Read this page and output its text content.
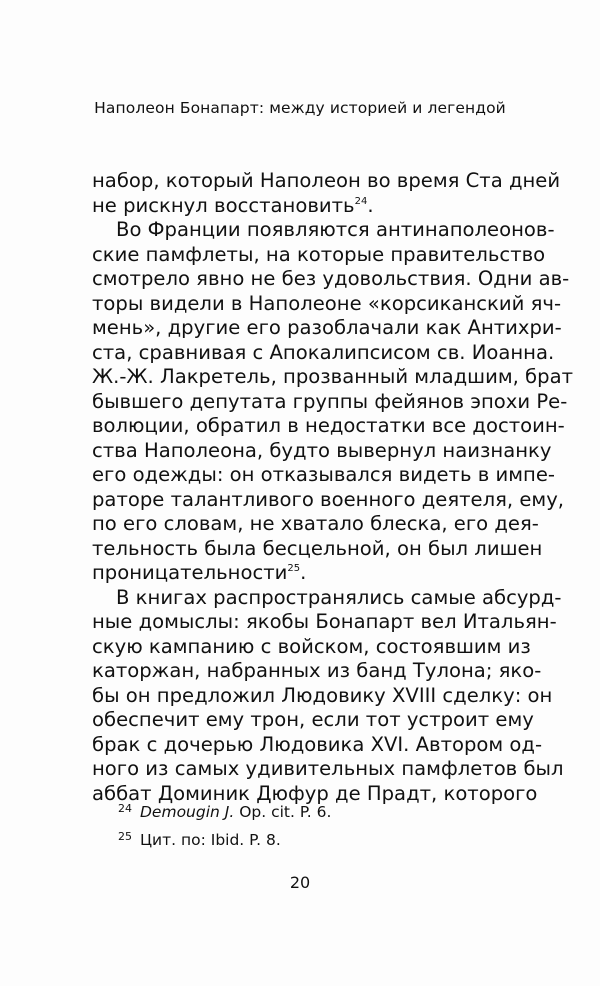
Наполеон Бонапарт: между историей и легендой
набор, который Наполеон во время Ста дней
не рискнул восстановить$^{24}$.
Во Франции появляются антинаполеонов-
ские памфлеты, на которые правительство
смотрело явно не без удовольствия. Одни ав-
торы видели в Наполеоне «корсиканский яч-
мень», другие его разоблачали как Антихри-
ста, сравнивая с Апокалипсисом св. Иоанна.
Ж.-Ж. Лакретель, прозванный младшим, брат
бывшего депутата группы фейянов эпохи Ре-
волюции, обратил в недостатки все достоин-
ства Наполеона, будто вывернул наизнанку
его одежды: он отказывался видеть в импе-
раторе талантливого военного деятеля, ему,
по его словам, не хватало блеска, его дея-
тельность была бесцельной, он был лишен
проницательности$^{25}$.
В книгах распространялись самые абсурд-
ные домыслы: якобы Бонапарт вел Итальян-
скую кампанию с войском, состоявшим из
каторжан, набранных из банд Тулона; яко-
бы он предложил Людовику XVIII сделку: он
обеспечит ему трон, если тот устроит ему
брак с дочерью Людовика XVI. Автором од-
ного из самых удивительных памфлетов был
аббат Доминик Дюфур де Прадт, которого
$^{24}$ Demougin J. Op. cit. P. 6.
$^{25}$ Цит. по: Ibid. P. 8.
20
